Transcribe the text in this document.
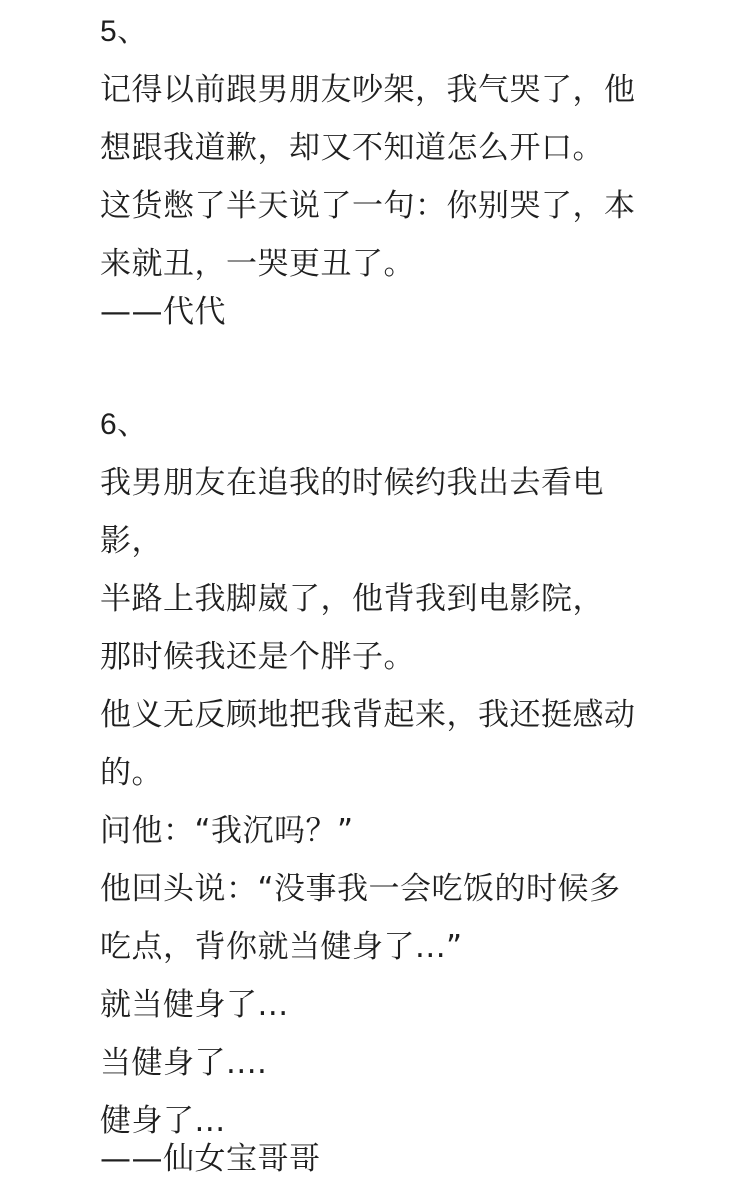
5、
记得以前跟男朋友吵架，我气哭了，他
想跟我道歉，却又不知道怎么开口。
这货憋了半天说了一句：你别哭了，本
来就丑，一哭更丑了。
——代代
6、
我男朋友在追我的时候约我出去看电
影，
半路上我脚崴了，他背我到电影院，
那时候我还是个胖子。
他义无反顾地把我背起来，我还挺感动
的。
问他：“我沉吗？”
他回头说：“没事我一会吃饭的时候多
吃点，背你就当健身了...”
就当健身了...
当健身了....
健身了...
——仙女宝哥哥
